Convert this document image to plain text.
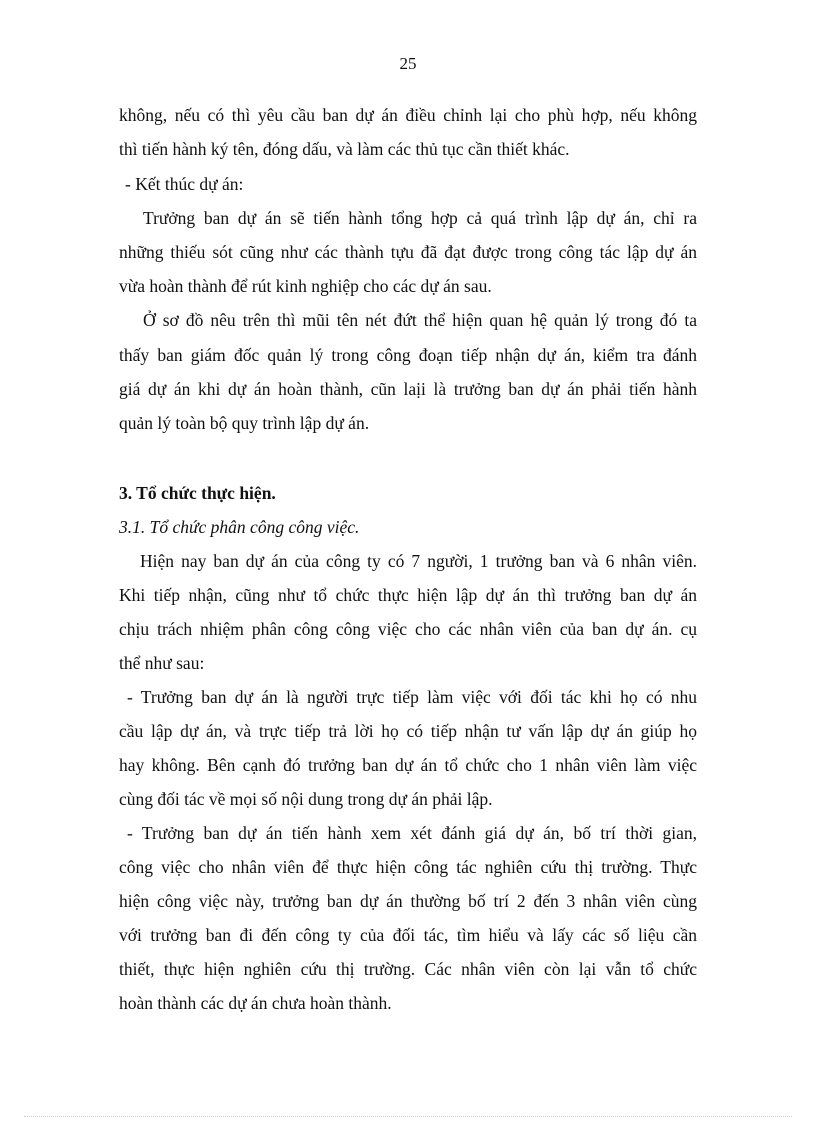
25
không, nếu có thì yêu cầu ban dự án điều chỉnh lại cho phù hợp, nếu không
thì tiến hành ký tên, đóng dấu, và làm các thủ tục cần thiết khác.
- Kết thúc dự án:
Trưởng ban dự án sẽ tiến hành tổng hợp cả quá trình lập dự án, chỉ ra
những thiếu sót cũng như các thành tựu đã đạt được trong công tác lập dự án
vừa hoàn thành để rút kinh nghiệp cho các dự án sau.
Ở sơ đồ nêu trên thì mũi tên nét đứt thể hiện quan hệ quản lý trong đó ta
thấy ban giám đốc quản lý trong công đoạn tiếp nhận dự án, kiểm tra đánh
giá dự án khi dự án hoàn thành, cũn laịi là trưởng ban dự án phải tiến hành
quản lý toàn bộ quy trình lập dự án.
3. Tổ chức thực hiện.
3.1. Tổ chức phân công công việc.
Hiện nay ban dự án của công ty có 7 người, 1 trưởng ban và 6 nhân viên.
Khi tiếp nhận, cũng như tổ chức thực hiện lập dự án thì trưởng ban dự án
chịu trách nhiệm phân công công việc cho các nhân viên của ban dự án. cụ
thể như sau:
- Trưởng ban dự án là người trực tiếp làm việc với đối tác khi họ có nhu
cầu lập dự án, và trực tiếp trả lời họ có tiếp nhận tư vấn lập dự án giúp họ
hay không. Bên cạnh đó trưởng ban dự án tổ chức cho 1 nhân viên làm việc
cùng đối tác về mọi số nội dung trong dự án phải lập.
- Trưởng ban dự án tiến hành xem xét đánh giá dự án, bố trí thời gian,
công việc cho nhân viên để thực hiện công tác nghiên cứu thị trường. Thực
hiện công việc này, trưởng ban dự án thường bố trí 2 đến 3 nhân viên cùng
với trưởng ban đi đến công ty của đối tác, tìm hiểu và lấy các số liệu cần
thiết, thực hiện nghiên cứu thị trường. Các nhân viên còn lại vẫn tổ chức
hoàn thành các dự án chưa hoàn thành.
